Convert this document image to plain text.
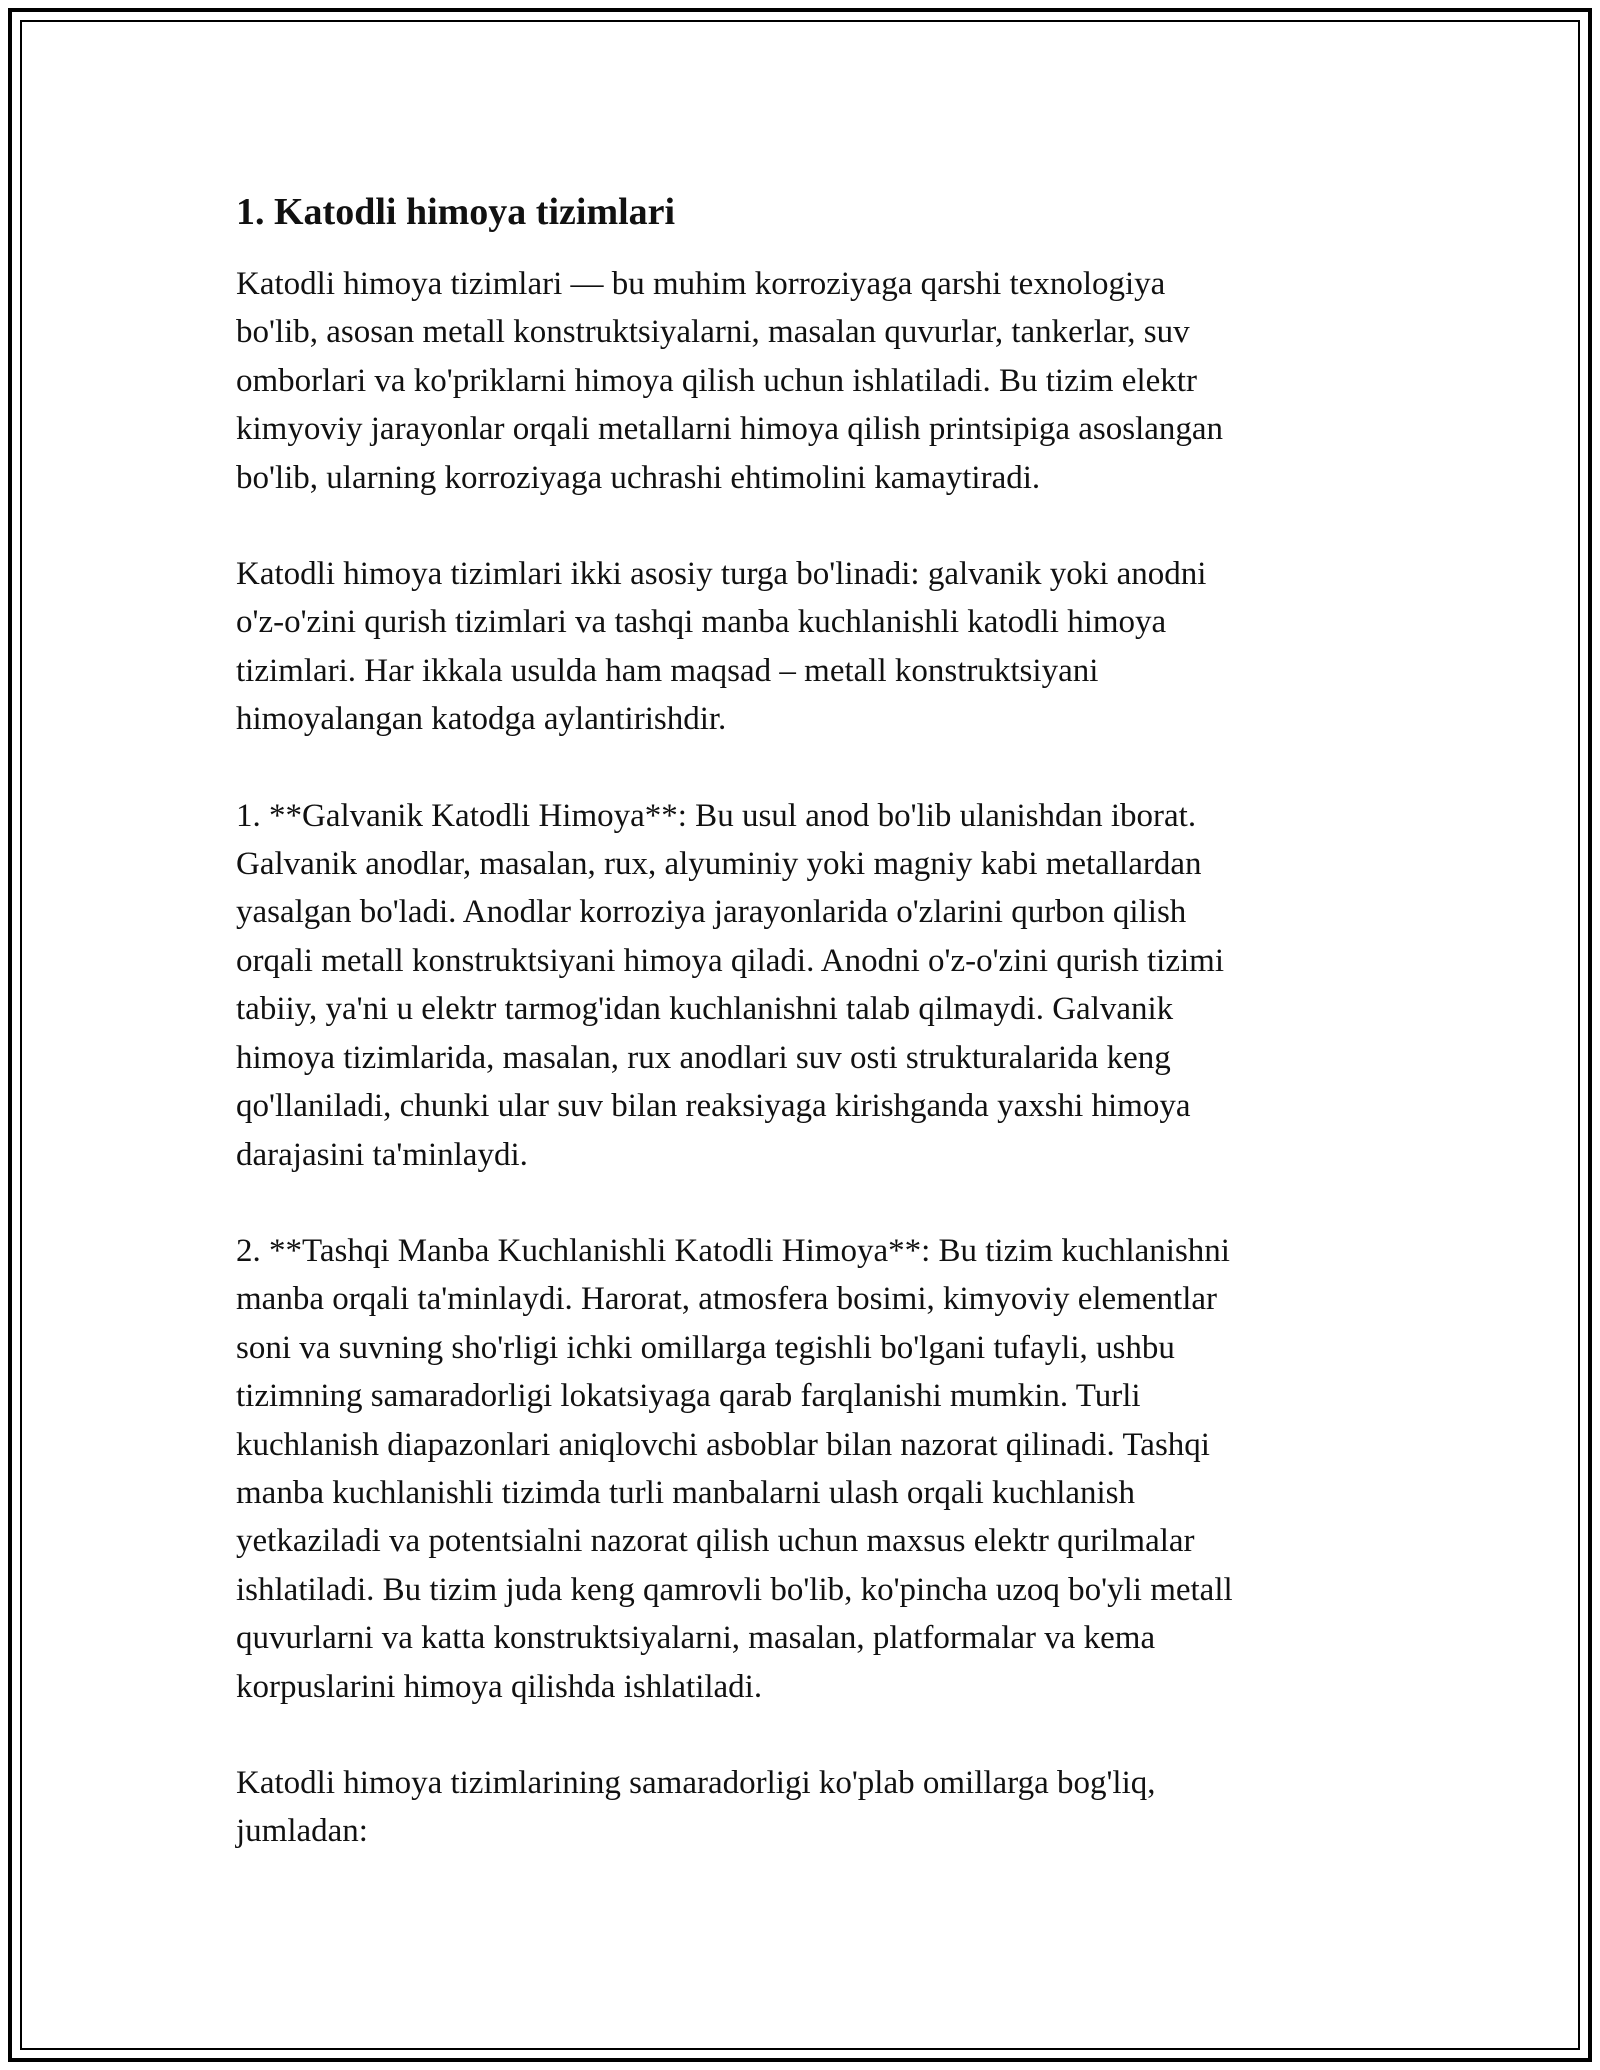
1. Katodli himoya tizimlari

Katodli himoya tizimlari — bu muhim korroziyaga qarshi texnologiya
bo'lib, asosan metall konstruktsiyalarni, masalan quvurlar, tankerlar, suv
omborlari va ko'priklarni himoya qilish uchun ishlatiladi. Bu tizim elektr
kimyoviy jarayonlar orqali metallarni himoya qilish printsipiga asoslangan
bo'lib, ularning korroziyaga uchrashi ehtimolini kamaytiradi.

Katodli himoya tizimlari ikki asosiy turga bo'linadi: galvanik yoki anodni
o'z-o'zini qurish tizimlari va tashqi manba kuchlanishli katodli himoya
tizimlari. Har ikkala usulda ham maqsad – metall konstruktsiyani
himoyalangan katodga aylantirishdir.

1. **Galvanik Katodli Himoya**: Bu usul anod bo'lib ulanishdan iborat.
Galvanik anodlar, masalan, rux, alyuminiy yoki magniy kabi metallardan
yasalgan bo'ladi. Anodlar korroziya jarayonlarida o'zlarini qurbon qilish
orqali metall konstruktsiyani himoya qiladi. Anodni o'z-o'zini qurish tizimi
tabiiy, ya'ni u elektr tarmog'idan kuchlanishni talab qilmaydi. Galvanik
himoya tizimlarida, masalan, rux anodlari suv osti strukturalarida keng
qo'llaniladi, chunki ular suv bilan reaksiyaga kirishganda yaxshi himoya
darajasini ta'minlaydi.

2. **Tashqi Manba Kuchlanishli Katodli Himoya**: Bu tizim kuchlanishni
manba orqali ta'minlaydi. Harorat, atmosfera bosimi, kimyoviy elementlar
soni va suvning sho'rligi ichki omillarga tegishli bo'lgani tufayli, ushbu
tizimning samaradorligi lokatsiyaga qarab farqlanishi mumkin. Turli
kuchlanish diapazonlari aniqlovchi asboblar bilan nazorat qilinadi. Tashqi
manba kuchlanishli tizimda turli manbalarni ulash orqali kuchlanish
yetkaziladi va potentsialni nazorat qilish uchun maxsus elektr qurilmalar
ishlatiladi. Bu tizim juda keng qamrovli bo'lib, ko'pincha uzoq bo'yli metall
quvurlarni va katta konstruktsiyalarni, masalan, platformalar va kema
korpuslarini himoya qilishda ishlatiladi.

Katodli himoya tizimlarining samaradorligi ko'plab omillarga bog'liq,
jumladan:
